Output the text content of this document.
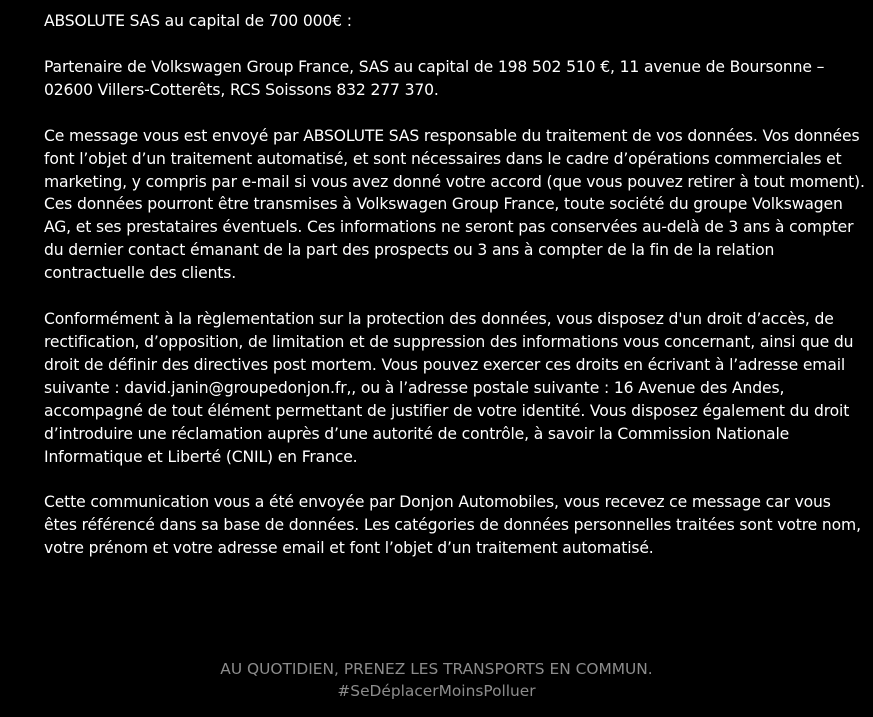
ABSOLUTE SAS au capital de 700 000€ :

Partenaire de Volkswagen Group France, SAS au capital de 198 502 510 €, 11 avenue de Boursonne – 02600 Villers-Cotterêts, RCS Soissons 832 277 370.

Ce message vous est envoyé par ABSOLUTE SAS responsable du traitement de vos données. Vos données font l’objet d’un traitement automatisé, et sont nécessaires dans le cadre d’opérations commerciales et marketing, y compris par e-mail si vous avez donné votre accord (que vous pouvez retirer à tout moment). Ces données pourront être transmises à Volkswagen Group France, toute société du groupe Volkswagen AG, et ses prestataires éventuels. Ces informations ne seront pas conservées au-delà de 3 ans à compter du dernier contact émanant de la part des prospects ou 3 ans à compter de la fin de la relation contractuelle des clients.

Conformément à la règlementation sur la protection des données, vous disposez d'un droit d’accès, de rectification, d’opposition, de limitation et de suppression des informations vous concernant, ainsi que du droit de définir des directives post mortem. Vous pouvez exercer ces droits en écrivant à l’adresse email suivante : david.janin@groupedonjon.fr,, ou à l’adresse postale suivante : 16 Avenue des Andes, accompagné de tout élément permettant de justifier de votre identité. Vous disposez également du droit d’introduire une réclamation auprès d’une autorité de contrôle, à savoir la Commission Nationale Informatique et Liberté (CNIL) en France.

Cette communication vous a été envoyée par Donjon Automobiles, vous recevez ce message car vous êtes référencé dans sa base de données. Les catégories de données personnelles traitées sont votre nom, votre prénom et votre adresse email et font l’objet d’un traitement automatisé.

AU QUOTIDIEN, PRENEZ LES TRANSPORTS EN COMMUN.
#SeDéplacerMoinsPolluer
